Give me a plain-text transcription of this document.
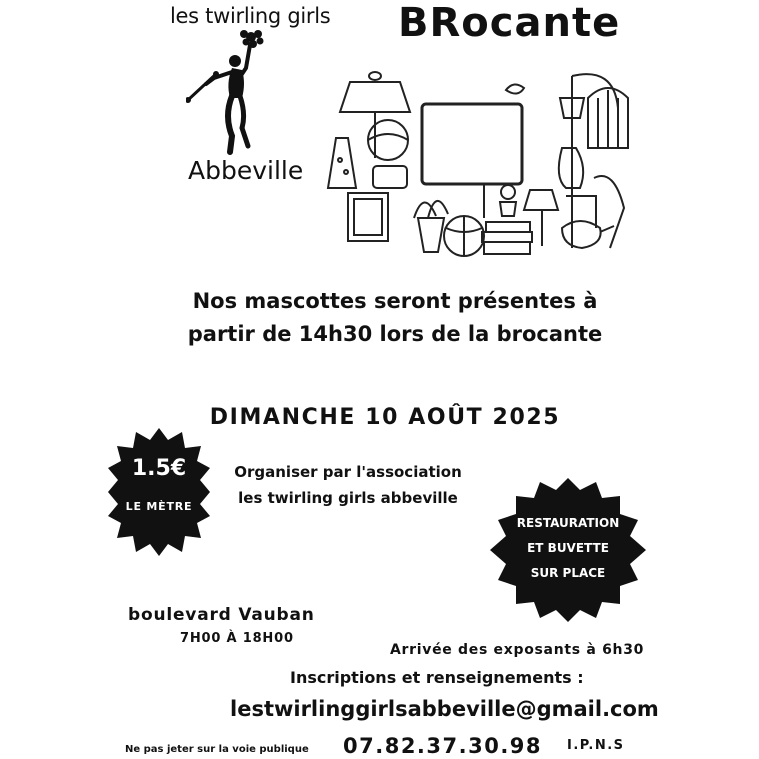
les twirling girls
Abbeville
BRocante
Nos mascottes seront présentes à
partir de 14h30 lors de la brocante
DIMANCHE 10 AOÛT 2025
1.5€
LE MÈTRE
Organiser par l'association
les twirling girls abbeville
RESTAURATION
ET BUVETTE
SUR PLACE
boulevard Vauban
7H00 À 18H00
Arrivée des exposants à 6h30
Inscriptions et renseignements :
lestwirlinggirlsabbeville@gmail.com
Ne pas jeter sur la voie publique 07.82.37.30.98 I.P.N.S
